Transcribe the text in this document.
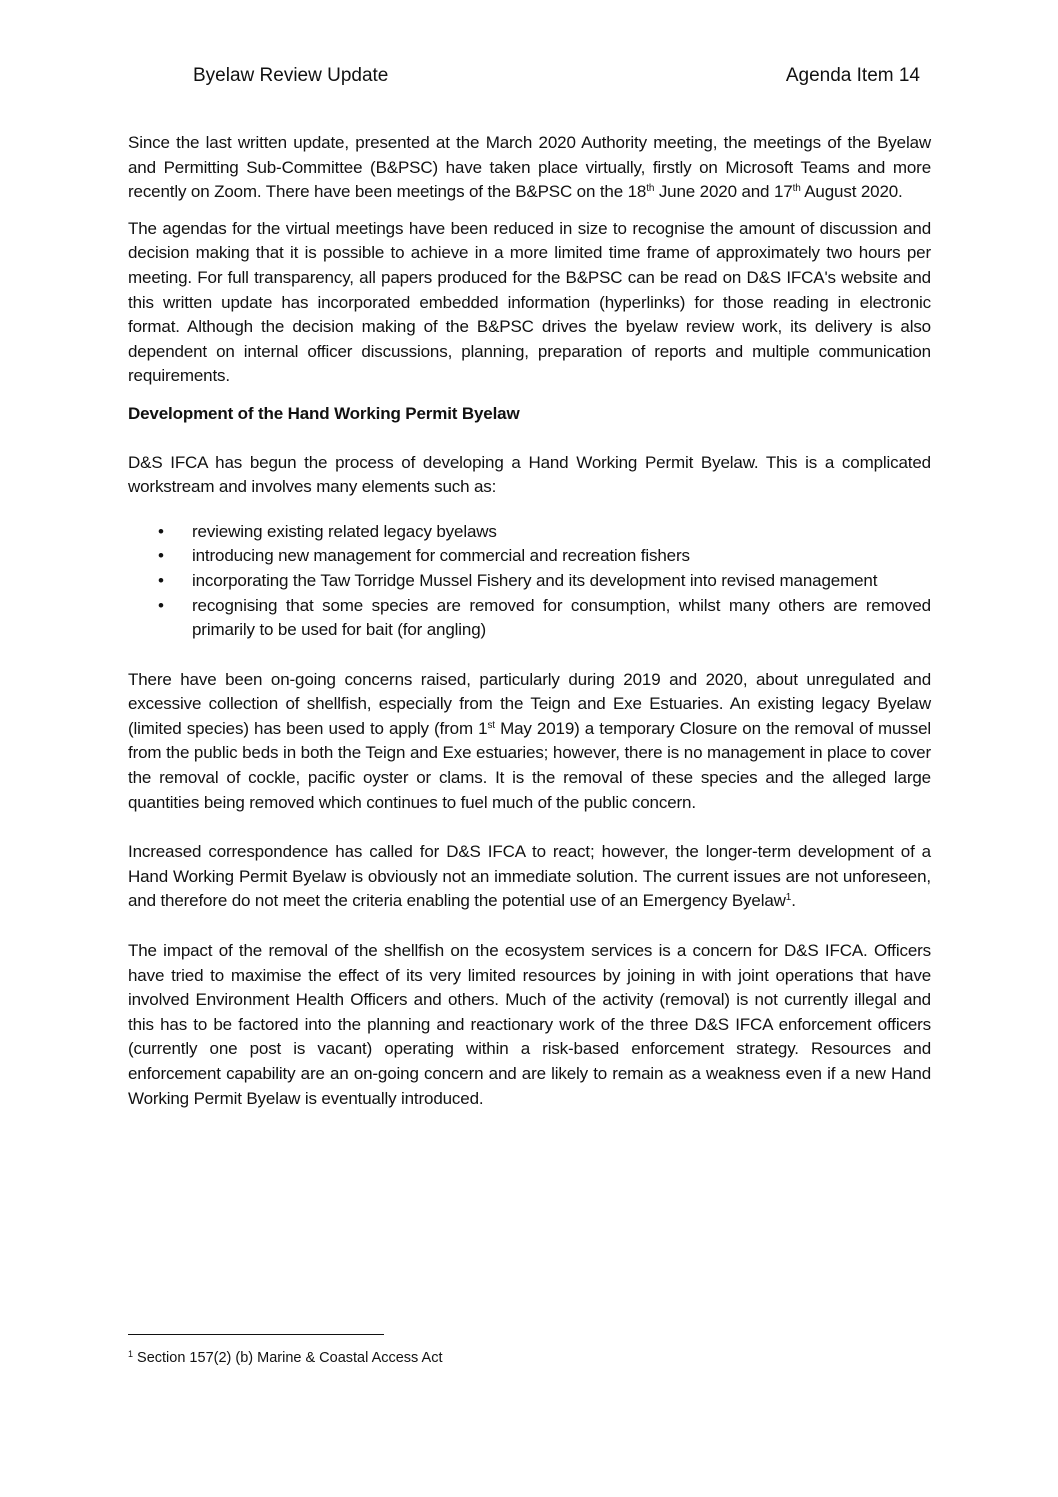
Byelaw Review Update	Agenda Item 14

Since the last written update, presented at the March 2020 Authority meeting, the meetings of the Byelaw and Permitting Sub-Committee (B&PSC) have taken place virtually, firstly on Microsoft Teams and more recently on Zoom. There have been meetings of the B&PSC on the 18th June 2020 and 17th August 2020.

The agendas for the virtual meetings have been reduced in size to recognise the amount of discussion and decision making that it is possible to achieve in a more limited time frame of approximately two hours per meeting. For full transparency, all papers produced for the B&PSC can be read on D&S IFCA's website and this written update has incorporated embedded information (hyperlinks) for those reading in electronic format. Although the decision making of the B&PSC drives the byelaw review work, its delivery is also dependent on internal officer discussions, planning, preparation of reports and multiple communication requirements.

Development of the Hand Working Permit Byelaw

D&S IFCA has begun the process of developing a Hand Working Permit Byelaw. This is a complicated workstream and involves many elements such as:

• reviewing existing related legacy byelaws
• introducing new management for commercial and recreation fishers
• incorporating the Taw Torridge Mussel Fishery and its development into revised management
• recognising that some species are removed for consumption, whilst many others are removed primarily to be used for bait (for angling)

There have been on-going concerns raised, particularly during 2019 and 2020, about unregulated and excessive collection of shellfish, especially from the Teign and Exe Estuaries. An existing legacy Byelaw (limited species) has been used to apply (from 1st May 2019) a temporary Closure on the removal of mussel from the public beds in both the Teign and Exe estuaries; however, there is no management in place to cover the removal of cockle, pacific oyster or clams. It is the removal of these species and the alleged large quantities being removed which continues to fuel much of the public concern.

Increased correspondence has called for D&S IFCA to react; however, the longer-term development of a Hand Working Permit Byelaw is obviously not an immediate solution. The current issues are not unforeseen, and therefore do not meet the criteria enabling the potential use of an Emergency Byelaw$^1$.

The impact of the removal of the shellfish on the ecosystem services is a concern for D&S IFCA. Officers have tried to maximise the effect of its very limited resources by joining in with joint operations that have involved Environment Health Officers and others. Much of the activity (removal) is not currently illegal and this has to be factored into the planning and reactionary work of the three D&S IFCA enforcement officers (currently one post is vacant) operating within a risk-based enforcement strategy. Resources and enforcement capability are an on-going concern and are likely to remain as a weakness even if a new Hand Working Permit Byelaw is eventually introduced.

$^1$ Section 157(2) (b) Marine & Coastal Access Act
